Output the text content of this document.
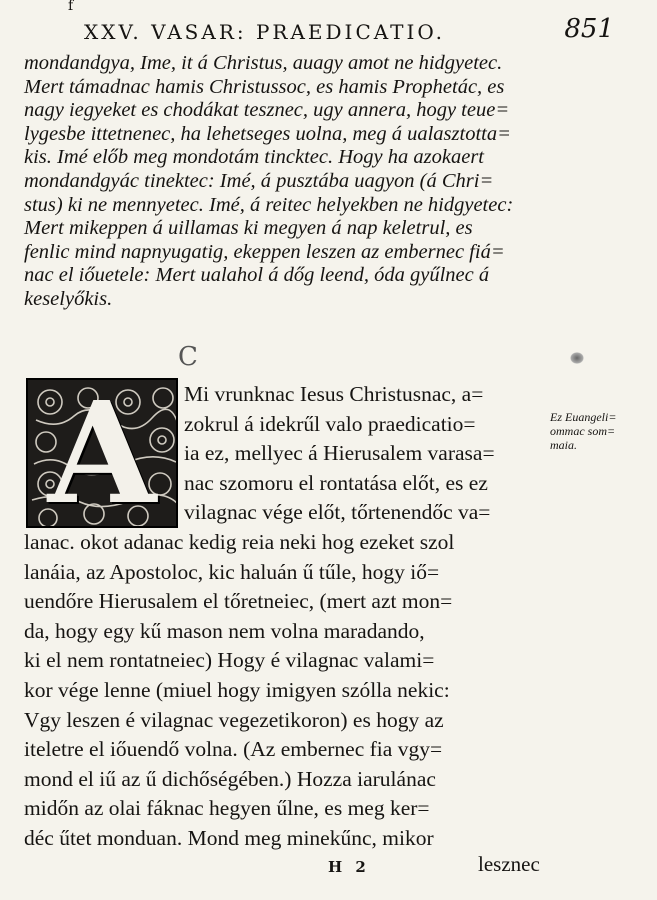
f
XXV. VASAR: PRAEDICATIO.	851
mondandgya, Ime, it á Christus, auagy amot ne hidgyetec.
Mert támadnac hamis Christussoc, es hamis Prophetác, es
nagy iegyeket es chodákat tesznec, ugy annera, hogy teue=
lygesbe ittetnenec, ha lehetseges uolna, meg á ualasztotta=
kis. Imé előb meg mondotám tincktec. Hogy ha azokaert
mondandgyác tinektec: Imé, á pusztába uagyon (á Chri=
stus) ki ne mennyetec. Imé, á reitec helyekben ne hidgyetec:
Mert mikeppen á uillamas ki megyen á nap keletrul, es
fenlic mind napnyugatig, ekeppen leszen az embernec fiá=
nac el iőuetele: Mert ualahol á dőg leend, óda gyűlnec á
keselyőkis.
C
A	Mi vrunknac Iesus Christusnac, a=
zokrul á idekrűl valo praedicatio=
ia ez, mellyec á Hierusalem varasa=
nac szomoru el rontatása előt, es ez
vilagnac vége előt, tőrtenendőc va=
lanac. okot adanac kedig reia neki hog ezeket szol
lanáia, az Apostoloc, kic haluán ű tűle, hogy iő=
uendőre Hierusalem el tőretneiec, (mert azt mon=
da, hogy egy kű mason nem volna maradando,
ki el nem rontatneiec) Hogy é vilagnac valami=
kor vége lenne (miuel hogy imigyen szólla nekic:
Vgy leszen é vilagnac vegezetikoron) es hogy az
iteletre el iőuendő volna. (Az embernec fia vgy=
mond el iű az ű dichőségében.) Hozza iarulánac
midőn az olai fáknac hegyen űlne, es meg ker=
déc űtet monduan. Mond meg minekűnc, mikor
Ez Euangeli=
ommac som=
maia.
H 2	lesznec
